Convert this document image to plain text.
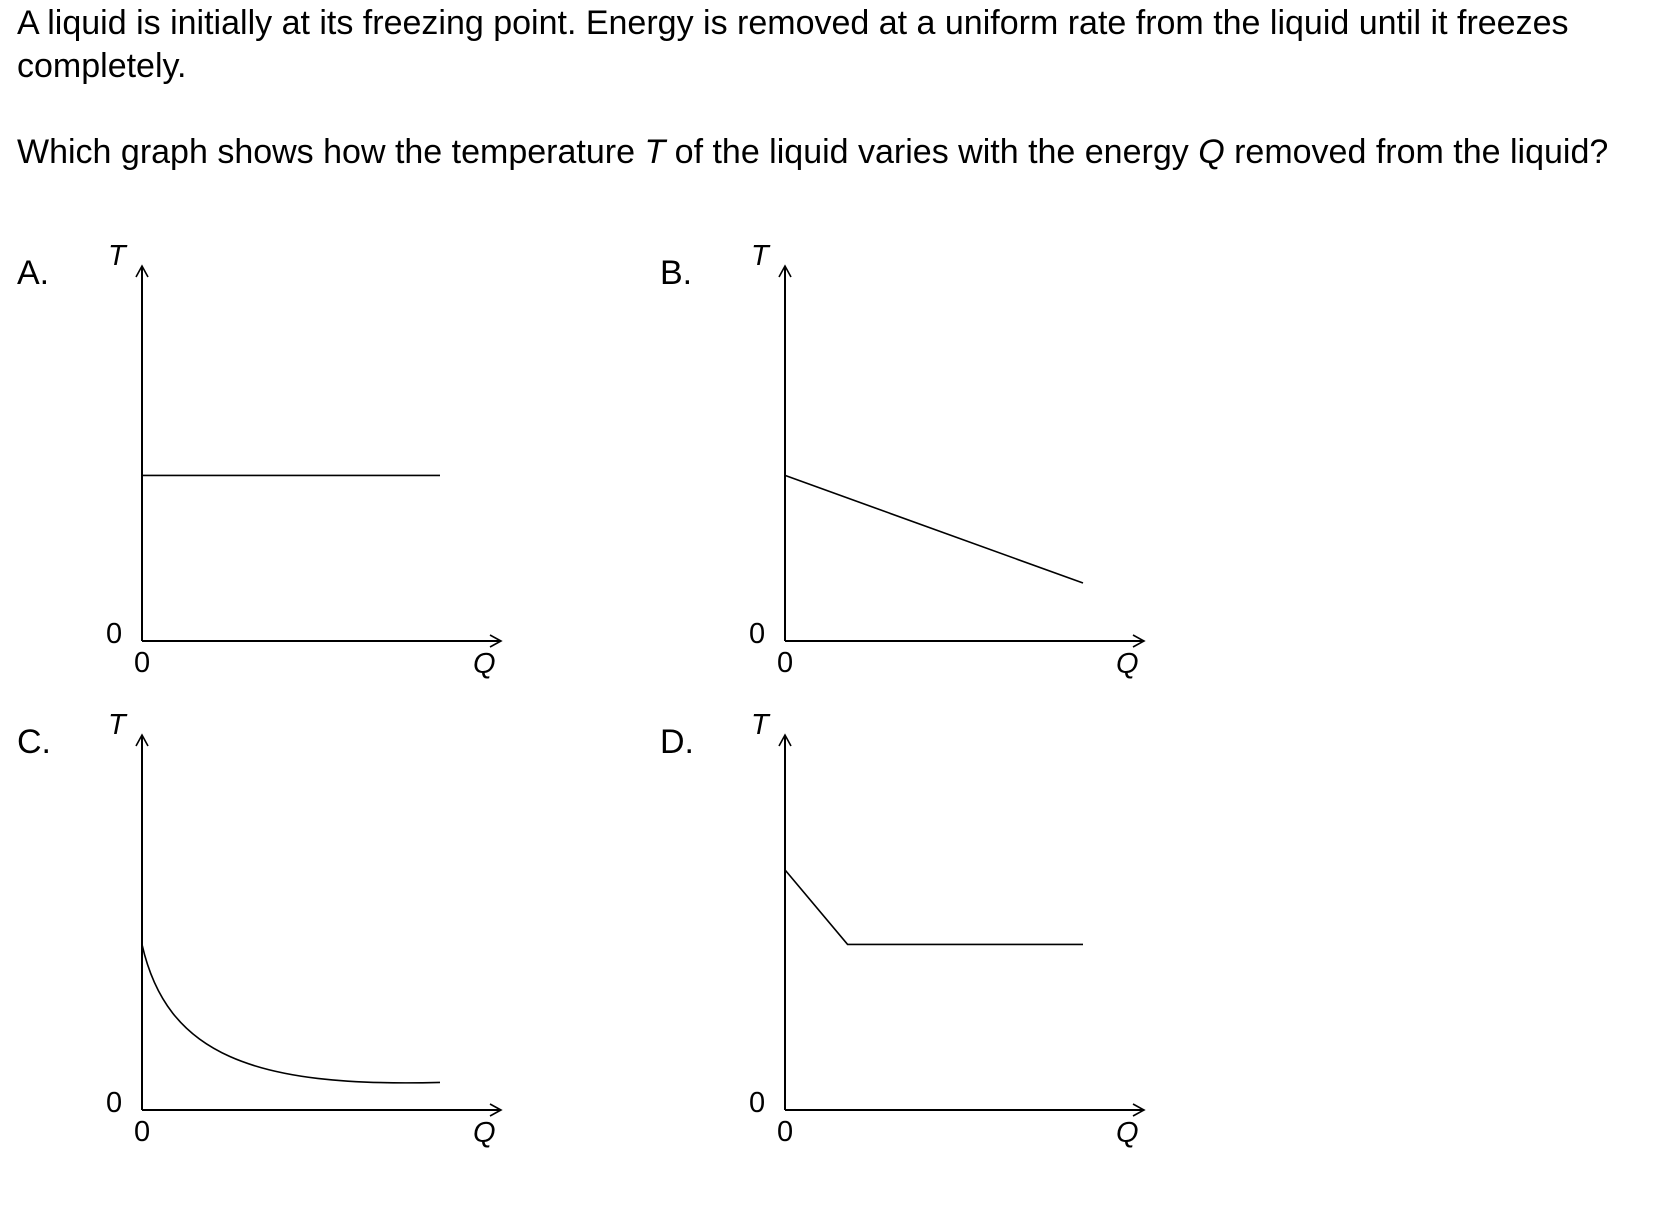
A liquid is initially at its freezing point. Energy is removed at a uniform rate from the liquid until it freezes completely.

Which graph shows how the temperature T of the liquid varies with the energy Q removed from the liquid?

A. T
Q
0
0
B. T
Q
0
0
C. T
Q
0
0
D. T
Q
0
0
